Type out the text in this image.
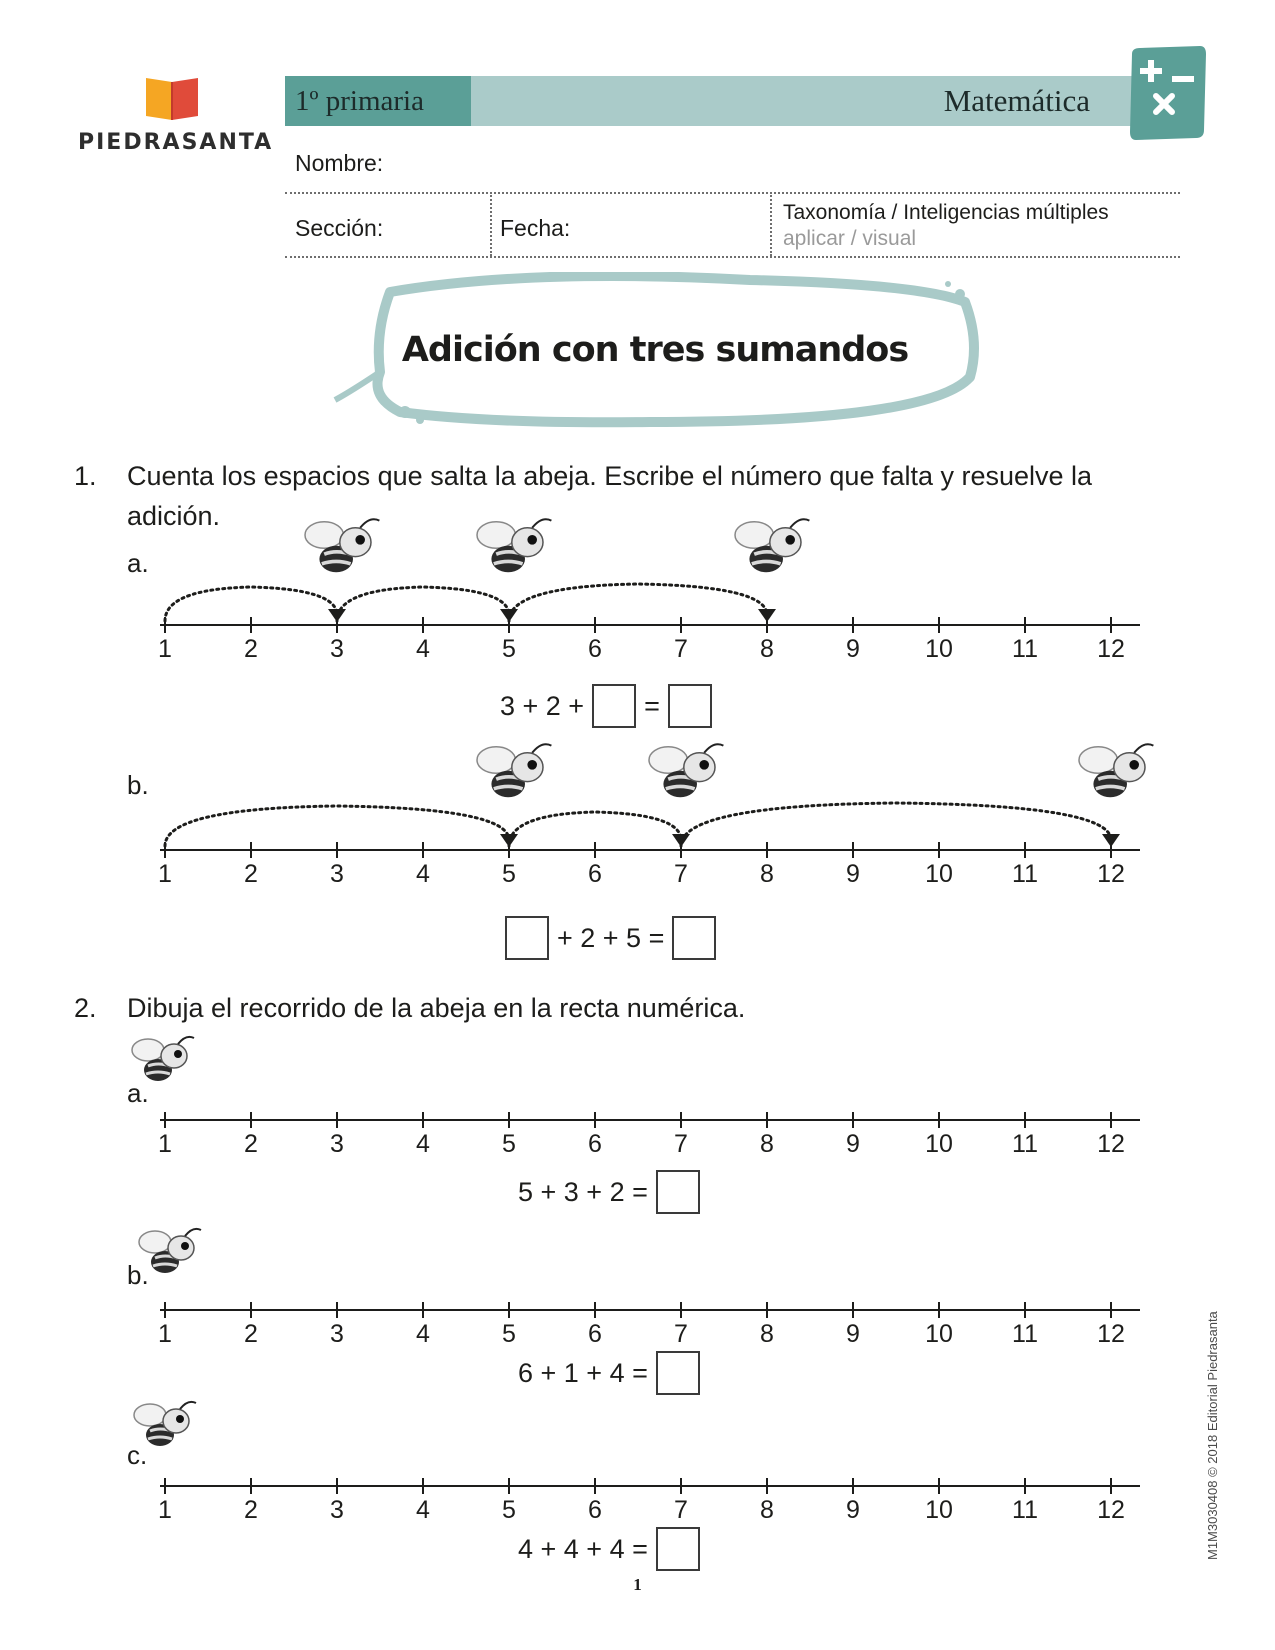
PIEDRASANTA
1º primaria	Matemática
Nombre:
Sección:	Fecha:
Taxonomía / Inteligencias múltiples
aplicar / visual
Adición con tres sumandos
1. Cuenta los espacios que salta la abeja. Escribe el número que falta y resuelve la adición.
a.
1	2	3	4	5	6	7	8	9	10 11 12
3 + 2 + =
b.
1	2	3	4	5	6	7	8	9	10 11 12
+ 2 + 5 =
2. Dibuja el recorrido de la abeja en la recta numérica.
a.
1	2	3	4	5	6	7	8	9	10 11 12
5 + 3 + 2 =
b.
1	2	3	4	5	6	7	8	9	10 11 12
6 + 1 + 4 =
c.
1	2	3	4	5	6	7	8	9	10 11 12
4 + 4 + 4 =
1
M1M3030408 © 2018 Editorial Piedrasanta
